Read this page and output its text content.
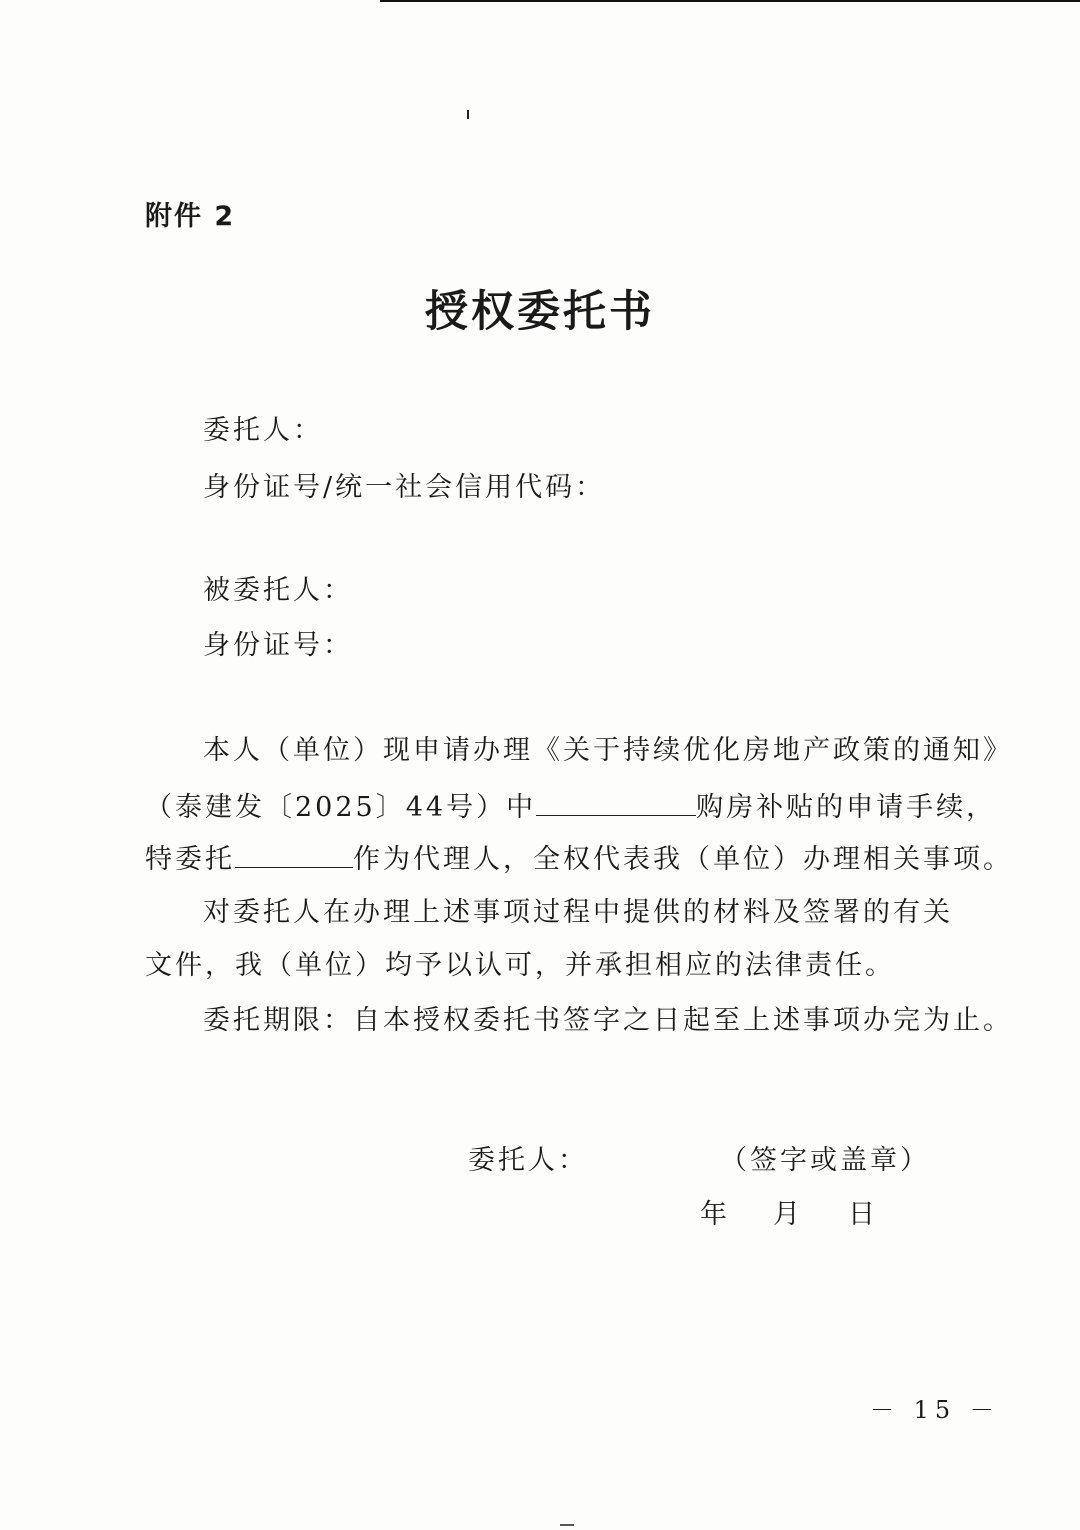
附件 2
授权委托书
委托人：
身份证号/统一社会信用代码：
被委托人：
身份证号：
本人（单位）现申请办理《关于持续优化房地产政策的通知》
（泰建发〔2025〕44号）中	购房补贴的申请手续，
特委托	作为代理人，全权代表我（单位）办理相关事项。
对委托人在办理上述事项过程中提供的材料及签署的有关
文件，我（单位）均予以认可，并承担相应的法律责任。
委托期限：自本授权委托书签字之日起至上述事项办完为止。
委托人：	（签字或盖章）
年 月 日
－ 15 －
